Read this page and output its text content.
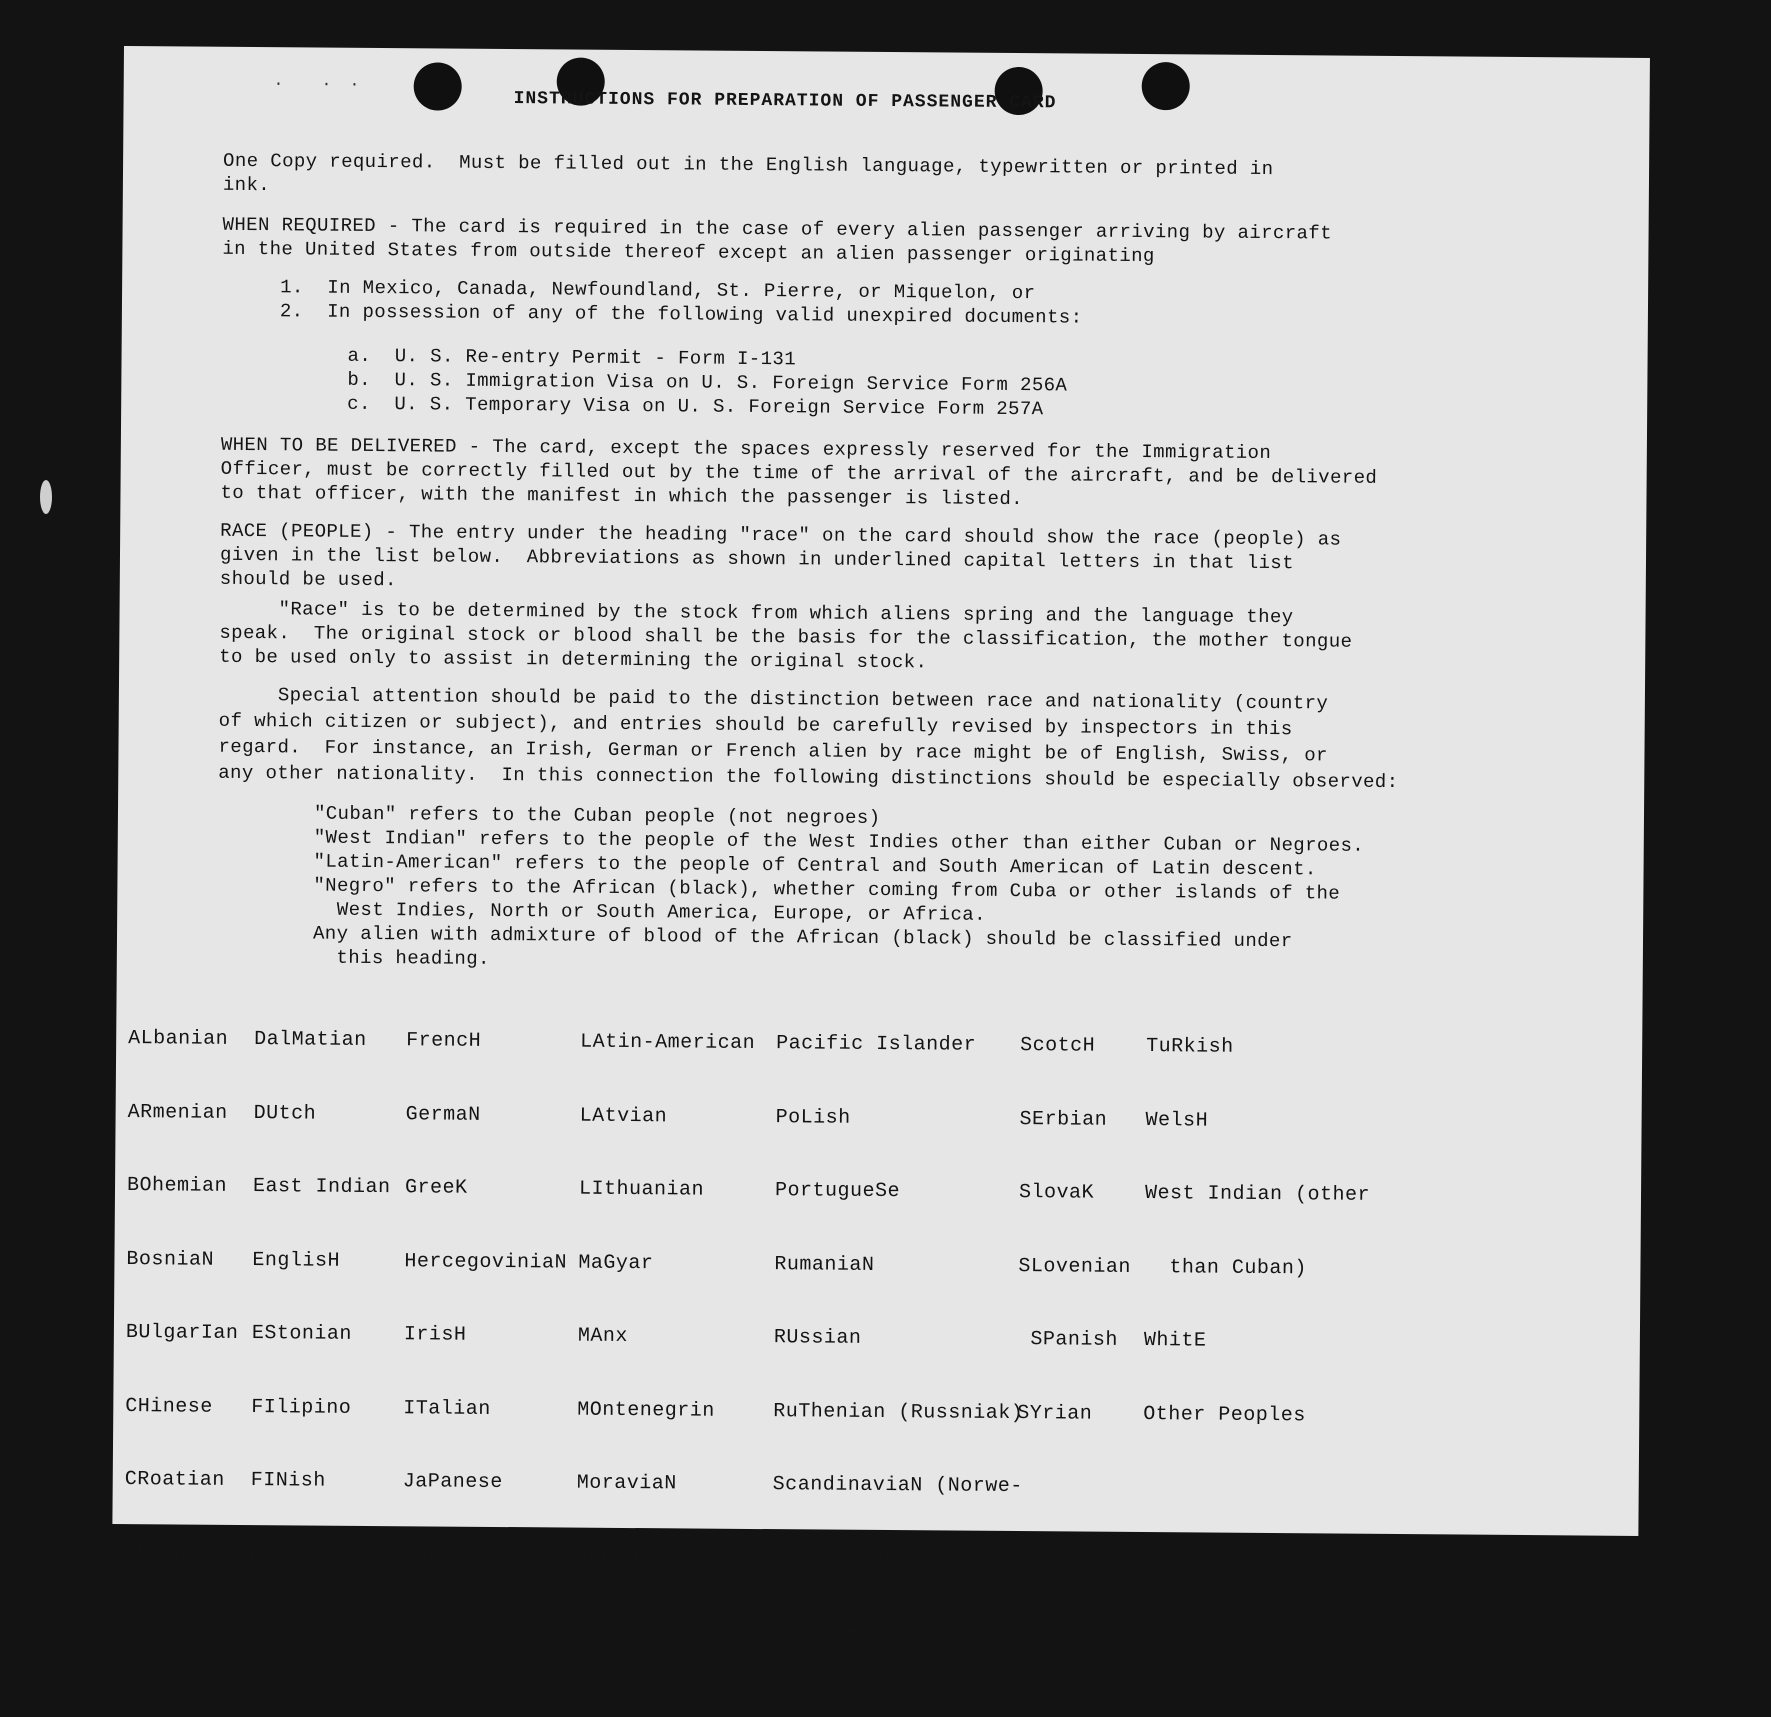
· · ·
INSTRUCTIONS FOR PREPARATION OF PASSENGER CARD
One Copy required.  Must be filled out in the English language, typewritten or printed in
ink.
WHEN REQUIRED - The card is required in the case of every alien passenger arriving by aircraft
in the United States from outside thereof except an alien passenger originating
1.  In Mexico, Canada, Newfoundland, St. Pierre, or Miquelon, or
2.  In possession of any of the following valid unexpired documents:
a.  U. S. Re-entry Permit - Form I-131
b.  U. S. Immigration Visa on U. S. Foreign Service Form 256A
c.  U. S. Temporary Visa on U. S. Foreign Service Form 257A
WHEN TO BE DELIVERED - The card, except the spaces expressly reserved for the Immigration
Officer, must be correctly filled out by the time of the arrival of the aircraft, and be delivered
to that officer, with the manifest in which the passenger is listed.
RACE (PEOPLE) - The entry under the heading "race" on the card should show the race (people) as
given in the list below.  Abbreviations as shown in underlined capital letters in that list
should be used.
"Race" is to be determined by the stock from which aliens spring and the language they
speak.  The original stock or blood shall be the basis for the classification, the mother tongue
to be used only to assist in determining the original stock.
Special attention should be paid to the distinction between race and nationality (country
of which citizen or subject), and entries should be carefully revised by inspectors in this
regard.  For instance, an Irish, German or French alien by race might be of English, Swiss, or
any other nationality.  In this connection the following distinctions should be especially observed:
"Cuban" refers to the Cuban people (not negroes)
"West Indian" refers to the people of the West Indies other than either Cuban or Negroes.
"Latin-American" refers to the people of Central and South American of Latin descent.
"Negro" refers to the African (black), whether coming from Cuba or other islands of the
West Indies, North or South America, Europe, or Africa.
Any alien with admixture of blood of the African (black) should be classified under
this heading.

ALbanian

ARmenian

BOhemian

BosniaN

BUlgarIan

CHinese

CRoatian

CUban

DalMatian

DUtch

East Indian

EnglisH

EStonian

FIlipino

FINish

FLemish

FrencH

GermaN

GreeK

HercegoviniaN

IrisH

ITalian

JaPanese

KoreaN

LAtin-American

LAtvian

LIthuanian

MaGyar

MAnx

MOntenegrin

MoraviaN

NEgro

Pacific Islander

PoLish

PortugueSe

RumaniaN

RUssian

RuThenian (Russniak)

ScandinaviaN (Norwe-

gians, Danes, and

Swedes)

ScotcH

SErbian

SlovaK

SLovenian

SPanish

SYrian

TuRkish

WelsH

West Indian (other

than Cuban)

WhitE

Other Peoples
